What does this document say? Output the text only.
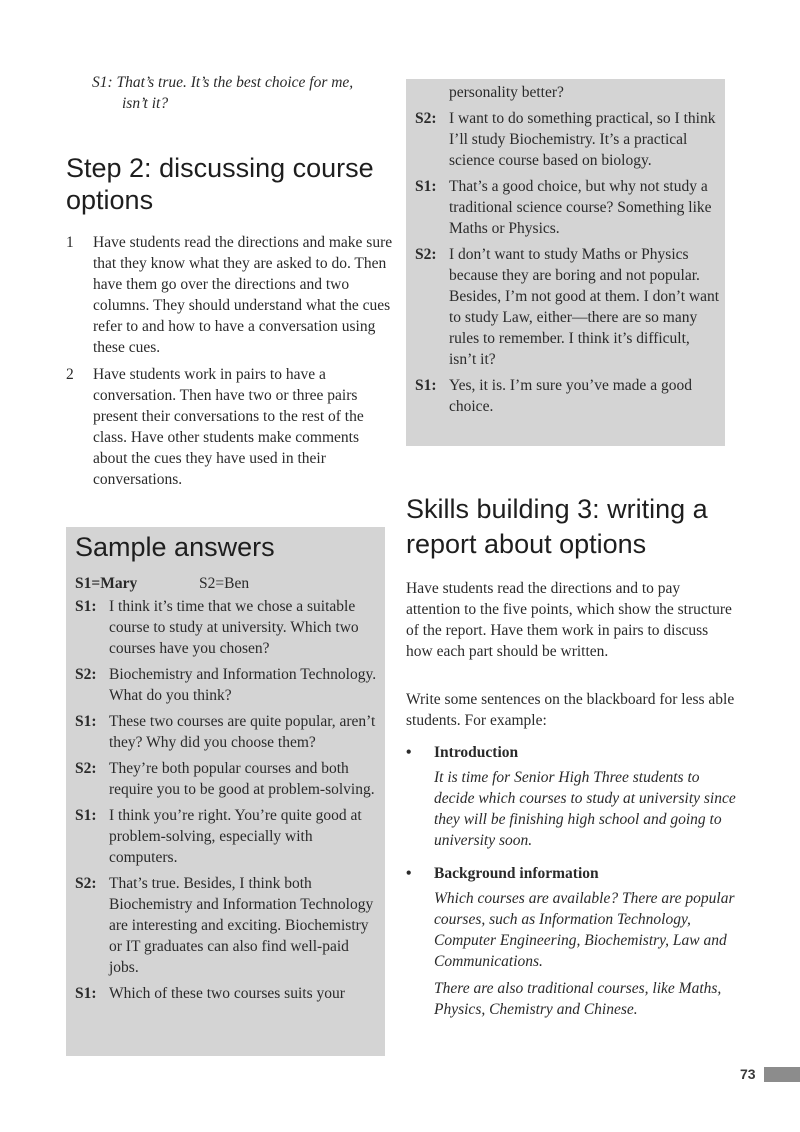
S1: That’s true. It’s the best choice for me,
isn’t it?
Step 2: discussing course options
1	Have students read the directions and make sure that they know what they are asked to do. Then have them go over the directions and two columns. They should understand what the cues refer to and how to have a conversation using these cues.
2	Have students work in pairs to have a conversation. Then have two or three pairs present their conversations to the rest of the class. Have other students make comments about the cues they have used in their conversations.
Sample answers
S1=Mary	S2=Ben
S1: I think it’s time that we chose a suitable course to study at university. Which two courses have you chosen?
S2: Biochemistry and Information Technology. What do you think?
S1: These two courses are quite popular, aren’t they? Why did you choose them?
S2: They’re both popular courses and both require you to be good at problem-solving.
S1: I think you’re right. You’re quite good at problem-solving, especially with computers.
S2: That’s true. Besides, I think both Biochemistry and Information Technology are interesting and exciting. Biochemistry or IT graduates can also find well-paid jobs.
S1: Which of these two courses suits your
personality better?
S2: I want to do something practical, so I think I’ll study Biochemistry. It’s a practical science course based on biology.
S1: That’s a good choice, but why not study a traditional science course? Something like Maths or Physics.
S2: I don’t want to study Maths or Physics because they are boring and not popular. Besides, I’m not good at them. I don’t want to study Law, either—there are so many rules to remember. I think it’s difficult, isn’t it?
S1: Yes, it is. I’m sure you’ve made a good choice.
Skills building 3: writing a report about options
Have students read the directions and to pay attention to the five points, which show the structure of the report. Have them work in pairs to discuss how each part should be written.
Write some sentences on the blackboard for less able students. For example:
•	Introduction

It is time for Senior High Three students to decide which courses to study at university since they will be finishing high school and going to university soon.

•	Background information

Which courses are available? There are popular courses, such as Information Technology, Computer Engineering, Biochemistry, Law and Communications.

There are also traditional courses, like Maths, Physics, Chemistry and Chinese.

73
